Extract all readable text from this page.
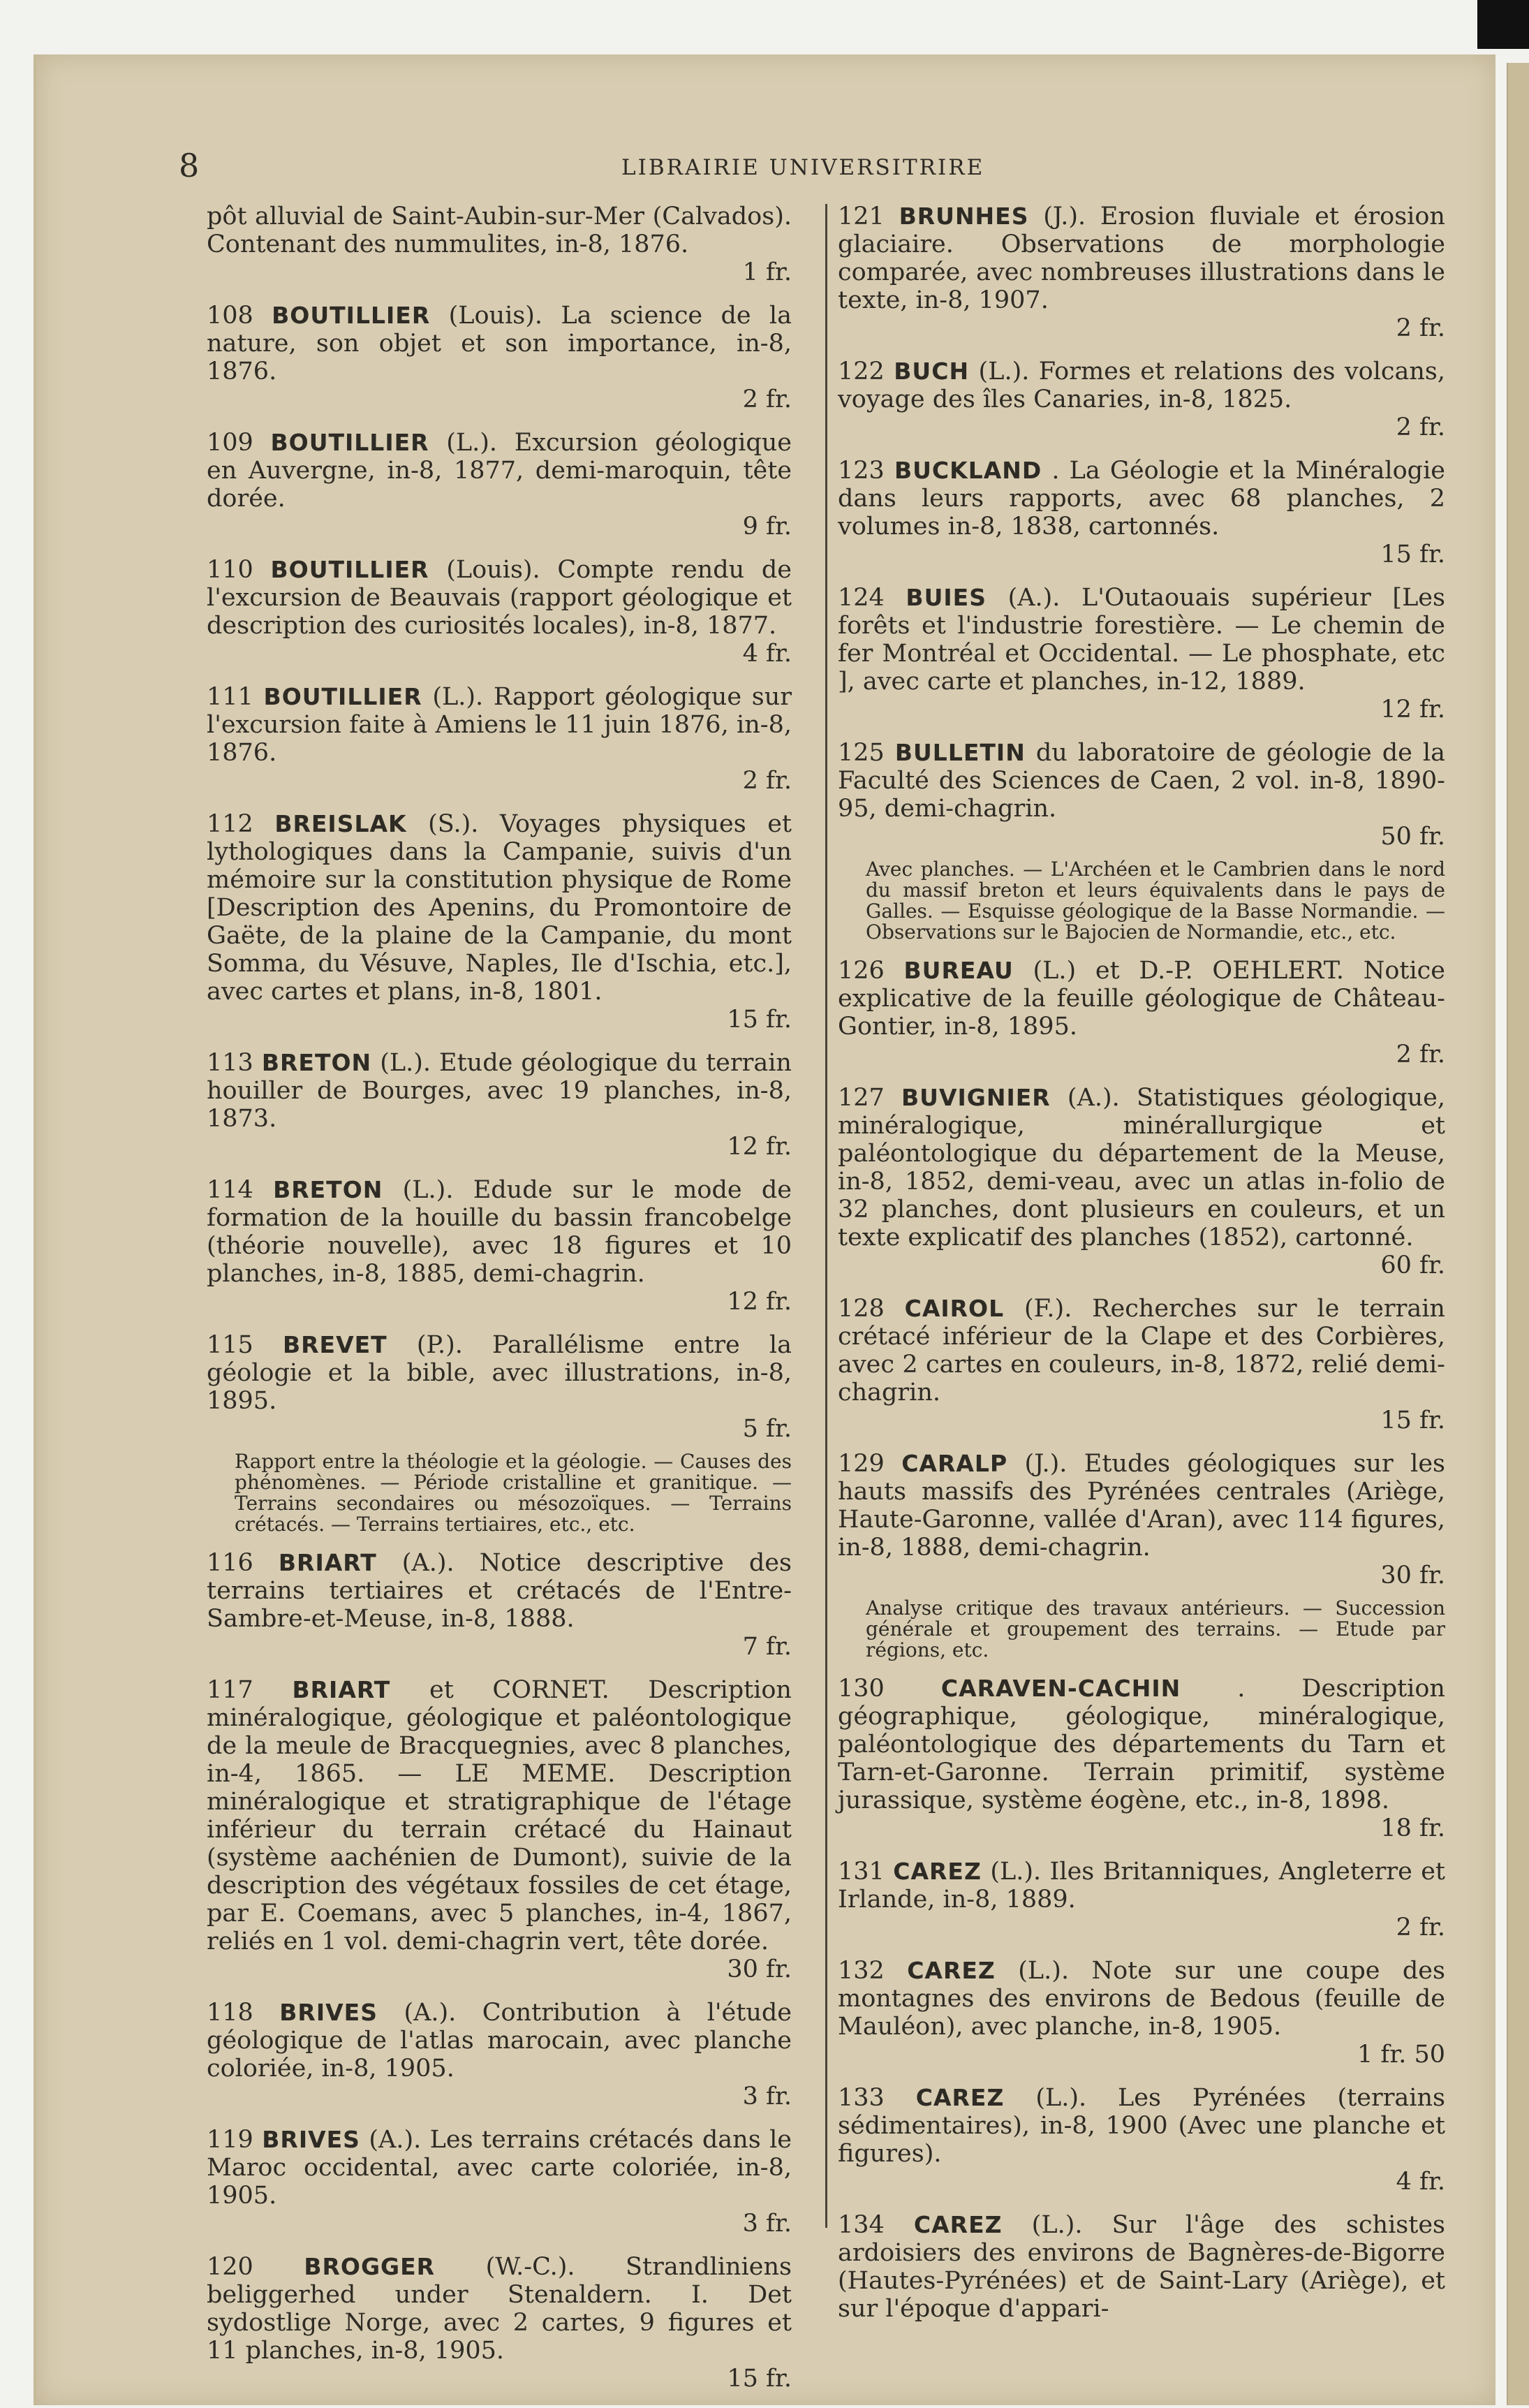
8	LIBRAIRIE UNIVERSITRIRE
pôt alluvial de Saint-Aubin-sur-Mer (Calvados). Contenant des nummulites, in-8, 1876.
1 fr.
108 BOUTILLIER (Louis). La science de la nature, son objet et son importance, in-8, 1876.
2 fr.
109 BOUTILLIER (L.). Excursion géologique en Auvergne, in-8, 1877, demi-maroquin, tête dorée.
9 fr.
110 BOUTILLIER (Louis). Compte rendu de l'excursion de Beauvais (rapport géologique et description des curiosités locales), in-8, 1877.
4 fr.
111 BOUTILLIER (L.). Rapport géologique sur l'excursion faite à Amiens le 11 juin 1876, in-8, 1876.
2 fr.
112 BREISLAK (S.). Voyages physiques et lythologiques dans la Campanie, suivis d'un mémoire sur la constitution physique de Rome [Description des Apenins, du Promontoire de Gaëte, de la plaine de la Campanie, du mont Somma, du Vésuve, Naples, Ile d'Ischia, etc.], avec cartes et plans, in-8, 1801.
15 fr.
113 BRETON (L.). Etude géologique du terrain houiller de Bourges, avec 19 planches, in-8, 1873.
12 fr.
114 BRETON (L.). Edude sur le mode de formation de la houille du bassin francobelge (théorie nouvelle), avec 18 figures et 10 planches, in-8, 1885, demi-chagrin.
12 fr.
115 BREVET (P.). Parallélisme entre la géologie et la bible, avec illustrations, in-8, 1895.
5 fr.
Rapport entre la théologie et la géologie. — Causes des phénomènes. — Période cristalline et granitique. — Terrains secondaires ou mésozoïques. — Terrains crétacés. — Terrains tertiaires, etc., etc.
116 BRIART (A.). Notice descriptive des terrains tertiaires et crétacés de l'Entre-Sambre-et-Meuse, in-8, 1888.
7 fr.
117 BRIART et CORNET. Description minéralogique, géologique et paléontologique de la meule de Bracquegnies, avec 8 planches, in-4, 1865. — LE MEME. Description minéralogique et stratigraphique de l'étage inférieur du terrain crétacé du Hainaut (système aachénien de Dumont), suivie de la description des végétaux fossiles de cet étage, par E. Coemans, avec 5 planches, in-4, 1867, reliés en 1 vol. demi-chagrin vert, tête dorée.
30 fr.
118 BRIVES (A.). Contribution à l'étude géologique de l'atlas marocain, avec planche coloriée, in-8, 1905.
3 fr.
119 BRIVES (A.). Les terrains crétacés dans le Maroc occidental, avec carte coloriée, in-8, 1905.
3 fr.
120 BROGGER (W.-C.). Strandliniens beliggerhed under Stenaldern. I. Det sydostlige Norge, avec 2 cartes, 9 figures et 11 planches, in-8, 1905.
15 fr.
121 BRUNHES (J.). Erosion fluviale et érosion glaciaire. Observations de morphologie comparée, avec nombreuses illustrations dans le texte, in-8, 1907.
2 fr.
122 BUCH (L.). Formes et relations des volcans, voyage des îles Canaries, in-8, 1825.
2 fr.
123 BUCKLAND . La Géologie et la Minéralogie dans leurs rapports, avec 68 planches, 2 volumes in-8, 1838, cartonnés.
15 fr.
124 BUIES (A.). L'Outaouais supérieur [Les forêts et l'industrie forestière. — Le chemin de fer Montréal et Occidental. — Le phosphate, etc ], avec carte et planches, in-12, 1889.
12 fr.
125 BULLETIN du laboratoire de géologie de la Faculté des Sciences de Caen, 2 vol. in-8, 1890-95, demi-chagrin.
50 fr.
Avec planches. — L'Archéen et le Cambrien dans le nord du massif breton et leurs équivalents dans le pays de Galles. — Esquisse géologique de la Basse Normandie. — Observations sur le Bajocien de Normandie, etc., etc.
126 BUREAU (L.) et D.-P. OEHLERT. Notice explicative de la feuille géologique de Château-Gontier, in-8, 1895.
2 fr.
127 BUVIGNIER (A.). Statistiques géologique, minéralogique, minérallurgique et paléontologique du département de la Meuse, in-8, 1852, demi-veau, avec un atlas in-folio de 32 planches, dont plusieurs en couleurs, et un texte explicatif des planches (1852), cartonné.
60 fr.
128 CAIROL (F.). Recherches sur le terrain crétacé inférieur de la Clape et des Corbières, avec 2 cartes en couleurs, in-8, 1872, relié demi-chagrin.
15 fr.
129 CARALP (J.). Etudes géologiques sur les hauts massifs des Pyrénées centrales (Ariège, Haute-Garonne, vallée d'Aran), avec 114 figures, in-8, 1888, demi-chagrin.
30 fr.
Analyse critique des travaux antérieurs. — Succession générale et groupement des terrains. — Etude par régions, etc.
130 CARAVEN-CACHIN . Description géographique, géologique, minéralogique, paléontologique des départements du Tarn et Tarn-et-Garonne. Terrain primitif, système jurassique, système éogène, etc., in-8, 1898.
18 fr.
131 CAREZ (L.). Iles Britanniques, Angleterre et Irlande, in-8, 1889.
2 fr.
132 CAREZ (L.). Note sur une coupe des montagnes des environs de Bedous (feuille de Mauléon), avec planche, in-8, 1905.
1 fr. 50
133 CAREZ (L.). Les Pyrénées (terrains sédimentaires), in-8, 1900 (Avec une planche et figures).
4 fr.
134 CAREZ (L.). Sur l'âge des schistes ardoisiers des environs de Bagnères-de-Bigorre (Hautes-Pyrénées) et de Saint-Lary (Ariège), et sur l'époque d'appari-
